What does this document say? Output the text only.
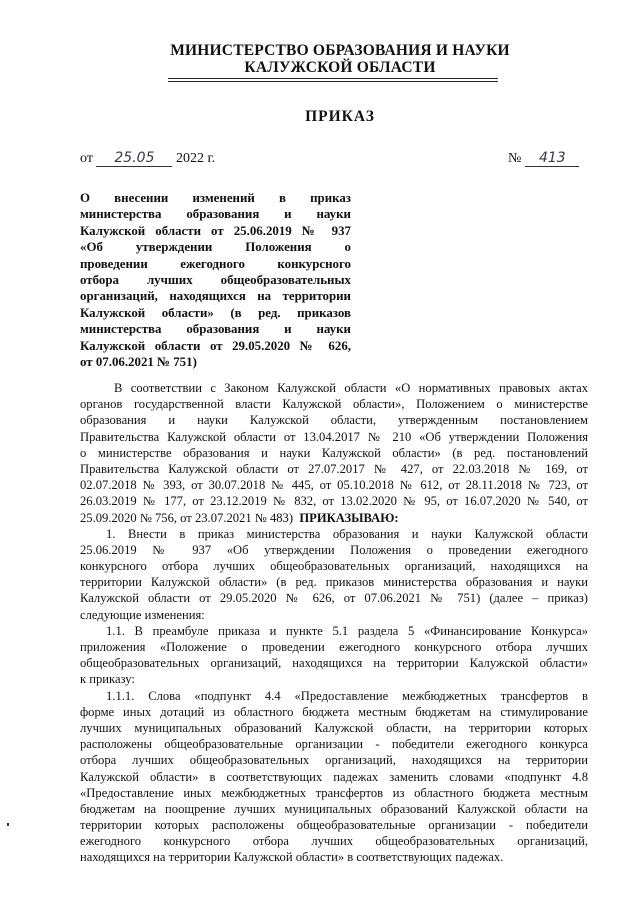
МИНИСТЕРСТВО ОБРАЗОВАНИЯ И НАУКИ
КАЛУЖСКОЙ ОБЛАСТИ
ПРИКАЗ
от 25.05 2022 г.	№ 413
О внесении изменений в приказ
министерства образования и науки
Калужской области от 25.06.2019 № 937
«Об утверждении Положения о
проведении ежегодного конкурсного
отбора лучших общеобразовательных
организаций, находящихся на территории
Калужской области» (в ред. приказов
министерства образования и науки
Калужской области от 29.05.2020 № 626,
от 07.06.2021 № 751)
В соответствии с Законом Калужской области «О нормативных правовых актах
органов государственной власти Калужской области», Положением о министерстве
образования и науки Калужской области, утвержденным постановлением
Правительства Калужской области от 13.04.2017 № 210 «Об утверждении Положения
о министерстве образования и науки Калужской области» (в ред. постановлений
Правительства Калужской области от 27.07.2017 № 427, от 22.03.2018 № 169, от
02.07.2018 № 393, от 30.07.2018 № 445, от 05.10.2018 № 612, от 28.11.2018 № 723, от
26.03.2019 № 177, от 23.12.2019 № 832, от 13.02.2020 № 95, от 16.07.2020 № 540, от
25.09.2020 № 756, от 23.07.2021 № 483) ПРИКАЗЫВАЮ:
1. Внести в приказ министерства образования и науки Калужской области
25.06.2019 № 937 «Об утверждении Положения о проведении ежегодного
конкурсного отбора лучших общеобразовательных организаций, находящихся на
территории Калужской области» (в ред. приказов министерства образования и науки
Калужской области от 29.05.2020 № 626, от 07.06.2021 № 751) (далее – приказ)
следующие изменения:
1.1. В преамбуле приказа и пункте 5.1 раздела 5 «Финансирование Конкурса»
приложения «Положение о проведении ежегодного конкурсного отбора лучших
общеобразовательных организаций, находящихся на территории Калужской области»
к приказу:
1.1.1. Слова «подпункт 4.4 «Предоставление межбюджетных трансфертов в
форме иных дотаций из областного бюджета местным бюджетам на стимулирование
лучших муниципальных образований Калужской области, на территории которых
расположены общеобразовательные организации - победители ежегодного конкурса
отбора лучших общеобразовательных организаций, находящихся на территории
Калужской области» в соответствующих падежах заменить словами «подпункт 4.8
«Предоставление иных межбюджетных трансфертов из областного бюджета местным
бюджетам на поощрение лучших муниципальных образований Калужской области на
территории которых расположены общеобразовательные организации - победители
ежегодного конкурсного отбора лучших общеобразовательных организаций,
находящихся на территории Калужской области» в соответствующих падежах.
